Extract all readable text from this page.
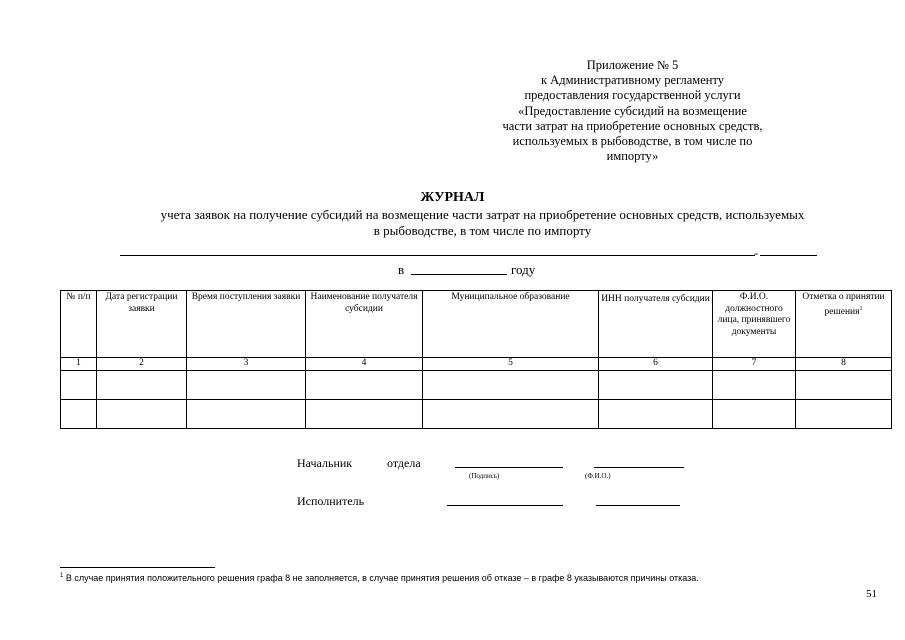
Приложение № 5
к Административному регламенту
предоставления государственной услуги
«Предоставление субсидий на возмещение
части затрат на приобретение основных средств,
используемых в рыбоводстве, в том числе по
импорту»
ЖУРНАЛ
учета заявок на получение субсидий на возмещение части затрат на приобретение основных средств, используемых
в рыбоводстве, в том числе по импорту
-
в	году
№ п/п	Дата регистрации заявки	Время поступления заявки	Наименование получателя субсидии	Муниципальное образование	ИНН получателя субсидии	Ф.И.О. должностного лица, принявшего документы	Отметка о принятии решения$^1$
1	2	3	4	5	6	7	8

Начальник	отдела
(Подпись)	(Ф.И.О.)
Исполнитель
$^1$ В случае принятия положительного решения графа 8 не заполняется, в случае принятия решения об отказе – в графе 8 указываются причины отказа.
51
